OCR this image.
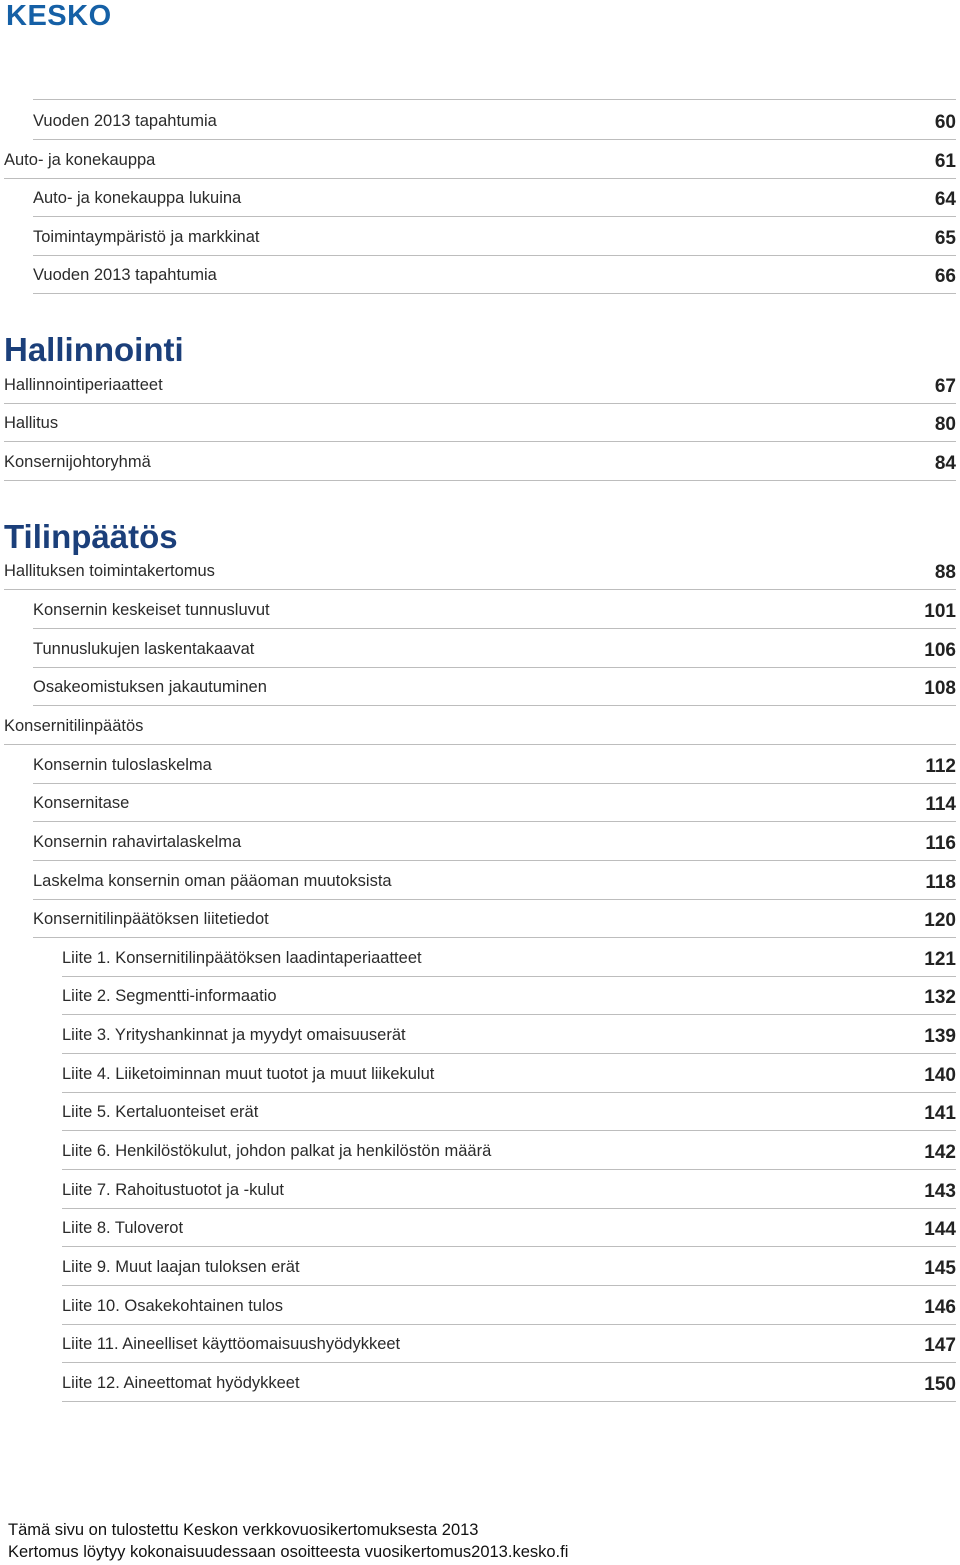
KESKO
Vuoden 2013 tapahtumia	60
Auto- ja konekauppa	61
Auto- ja konekauppa lukuina	64
Toimintaympäristö ja markkinat	65
Vuoden 2013 tapahtumia	66
Hallinnointi
Hallinnointiperiaatteet	67
Hallitus	80
Konsernijohtoryhmä	84
Tilinpäätös
Hallituksen toimintakertomus	88
Konsernin keskeiset tunnusluvut	101
Tunnuslukujen laskentakaavat	106
Osakeomistuksen jakautuminen	108
Konsernitilinpäätös
Konsernin tuloslaskelma	112
Konsernitase	114
Konsernin rahavirtalaskelma	116
Laskelma konsernin oman pääoman muutoksista	118
Konsernitilinpäätöksen liitetiedot	120
Liite 1. Konsernitilinpäätöksen laadintaperiaatteet	121
Liite 2. Segmentti-informaatio	132
Liite 3. Yrityshankinnat ja myydyt omaisuuserät	139
Liite 4. Liiketoiminnan muut tuotot ja muut liikekulut	140
Liite 5. Kertaluonteiset erät	141
Liite 6. Henkilöstökulut, johdon palkat ja henkilöstön määrä	142
Liite 7. Rahoitustuotot ja -kulut	143
Liite 8. Tuloverot	144
Liite 9. Muut laajan tuloksen erät	145
Liite 10. Osakekohtainen tulos	146
Liite 11. Aineelliset käyttöomaisuushyödykkeet	147
Liite 12. Aineettomat hyödykkeet	150
Tämä sivu on tulostettu Keskon verkkovuosikertomuksesta 2013
Kertomus löytyy kokonaisuudessaan osoitteesta vuosikertomus2013.kesko.fi
